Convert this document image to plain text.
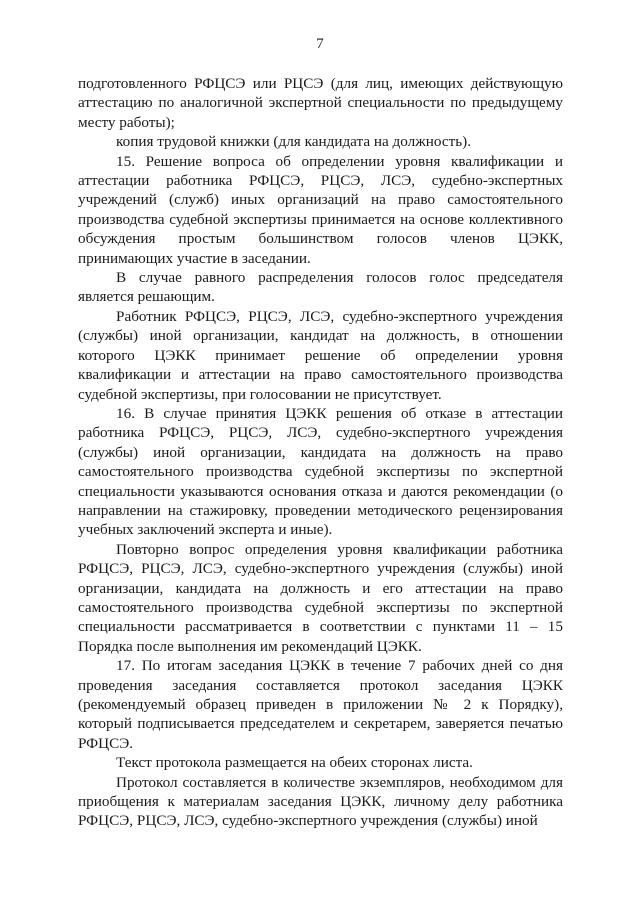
7

подготовленного РФЦСЭ или РЦСЭ (для лиц, имеющих действующую аттестацию по аналогичной экспертной специальности по предыдущему месту работы);

копия трудовой книжки (для кандидата на должность).

15. Решение вопроса об определении уровня квалификации и аттестации работника РФЦСЭ, РЦСЭ, ЛСЭ, судебно-экспертных учреждений (служб) иных организаций на право самостоятельного производства судебной экспертизы принимается на основе коллективного обсуждения простым большинством голосов членов ЦЭКК, принимающих участие в заседании.

В случае равного распределения голосов голос председателя является решающим.

Работник РФЦСЭ, РЦСЭ, ЛСЭ, судебно-экспертного учреждения (службы) иной организации, кандидат на должность, в отношении которого ЦЭКК принимает решение об определении уровня квалификации и аттестации на право самостоятельного производства судебной экспертизы, при голосовании не присутствует.

16. В случае принятия ЦЭКК решения об отказе в аттестации работника РФЦСЭ, РЦСЭ, ЛСЭ, судебно-экспертного учреждения (службы) иной организации, кандидата на должность на право самостоятельного производства судебной экспертизы по экспертной специальности указываются основания отказа и даются рекомендации (о направлении на стажировку, проведении методического рецензирования учебных заключений эксперта и иные).

Повторно вопрос определения уровня квалификации работника РФЦСЭ, РЦСЭ, ЛСЭ, судебно-экспертного учреждения (службы) иной организации, кандидата на должность и его аттестации на право самостоятельного производства судебной экспертизы по экспертной специальности рассматривается в соответствии с пунктами 11 – 15 Порядка после выполнения им рекомендаций ЦЭКК.

17. По итогам заседания ЦЭКК в течение 7 рабочих дней со дня проведения заседания составляется протокол заседания ЦЭКК (рекомендуемый образец приведен в приложении № 2 к Порядку), который подписывается председателем и секретарем, заверяется печатью РФЦСЭ.

Текст протокола размещается на обеих сторонах листа.

Протокол составляется в количестве экземпляров, необходимом для приобщения к материалам заседания ЦЭКК, личному делу работника РФЦСЭ, РЦСЭ, ЛСЭ, судебно-экспертного учреждения (службы) иной
